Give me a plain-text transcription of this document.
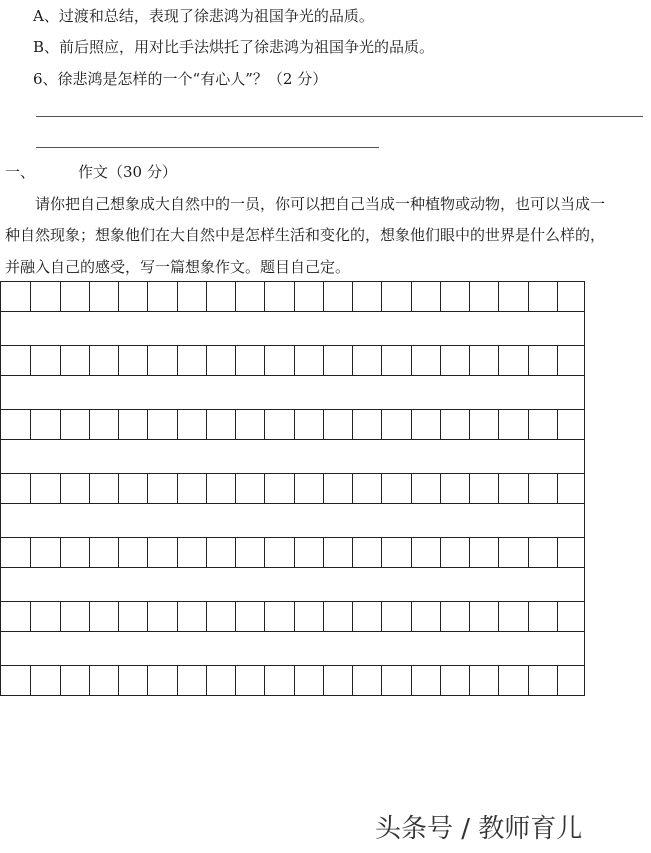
A、过渡和总结，表现了徐悲鸿为祖国争光的品质。
B、前后照应，用对比手法烘托了徐悲鸿为祖国争光的品质。
6、徐悲鸿是怎样的一个“有心人”？（2 分）
一、	作文（30 分）
请你把自己想象成大自然中的一员，你可以把自己当成一种植物或动物，也可以当成一
种自然现象；想象他们在大自然中是怎样生活和变化的，想象他们眼中的世界是什么样的，
并融入自己的感受，写一篇想象作文。题目自己定。
头条号 / 教师育儿
